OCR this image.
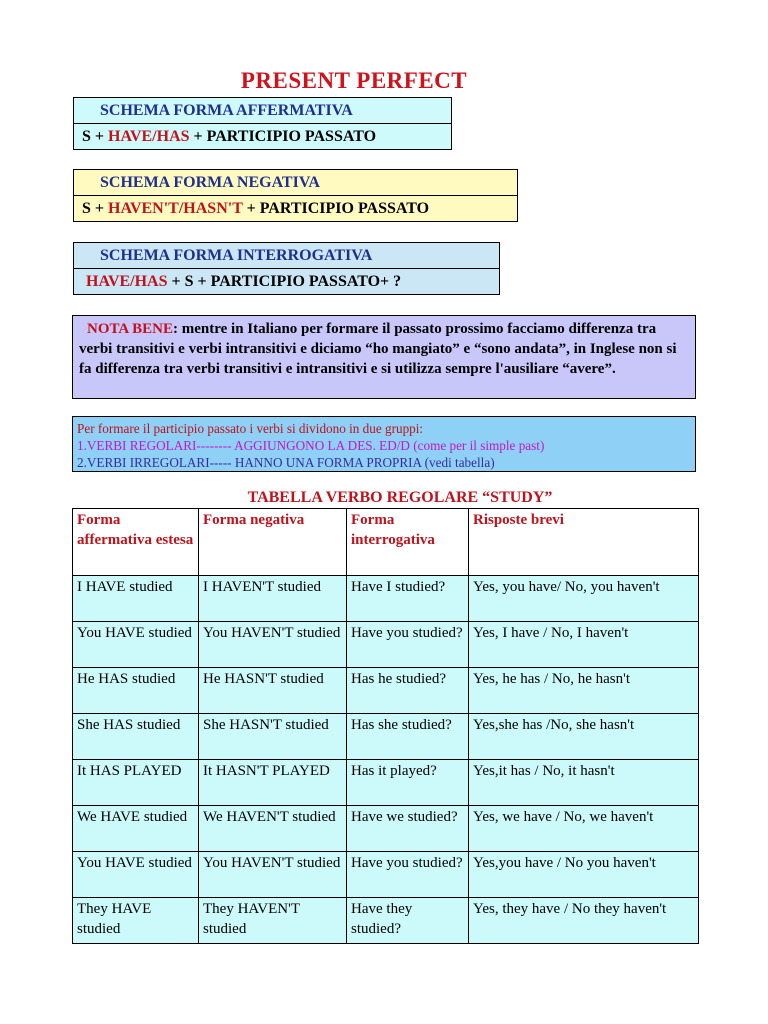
PRESENT PERFECT
SCHEMA FORMA AFFERMATIVA
S + HAVE/HAS + PARTICIPIO PASSATO
SCHEMA FORMA NEGATIVA
S + HAVEN'T/HASN'T + PARTICIPIO PASSATO
SCHEMA FORMA INTERROGATIVA
HAVE/HAS + S + PARTICIPIO PASSATO+ ?
NOTA BENE: mentre in Italiano per formare il passato prossimo facciamo differenza tra verbi transitivi e verbi intransitivi e diciamo “ho mangiato” e “sono andata”, in Inglese non si fa differenza tra verbi transitivi e intransitivi e si utilizza sempre l'ausiliare “avere”.
Per formare il participio passato i verbi si dividono in due gruppi:
1.VERBI REGOLARI-------- AGGIUNGONO LA DES. ED/D (come per il simple past)
2.VERBI IRREGOLARI----- HANNO UNA FORMA PROPRIA (vedi tabella)
TABELLA VERBO REGOLARE “STUDY”
Forma affermativa estesa	Forma negativa	Forma interrogativa	Risposte brevi
I HAVE studied	I HAVEN'T studied	Have I studied?	Yes, you have/ No, you haven't
You HAVE studied	You HAVEN'T studied	Have you studied?	Yes, I have / No, I haven't
He HAS studied	He HASN'T studied	Has he studied?	Yes, he has / No, he hasn't
She HAS studied	She HASN'T studied	Has she studied?	Yes,she has /No, she hasn't
It HAS PLAYED	It HASN'T PLAYED	Has it played?	Yes,it has / No, it hasn't
We HAVE studied	We HAVEN'T studied	Have we studied?	Yes, we have / No, we haven't
You HAVE studied	You HAVEN'T studied	Have you studied?	Yes,you have / No you haven't
They HAVE studied	They HAVEN'T studied	Have they studied?	Yes, they have / No they haven't
